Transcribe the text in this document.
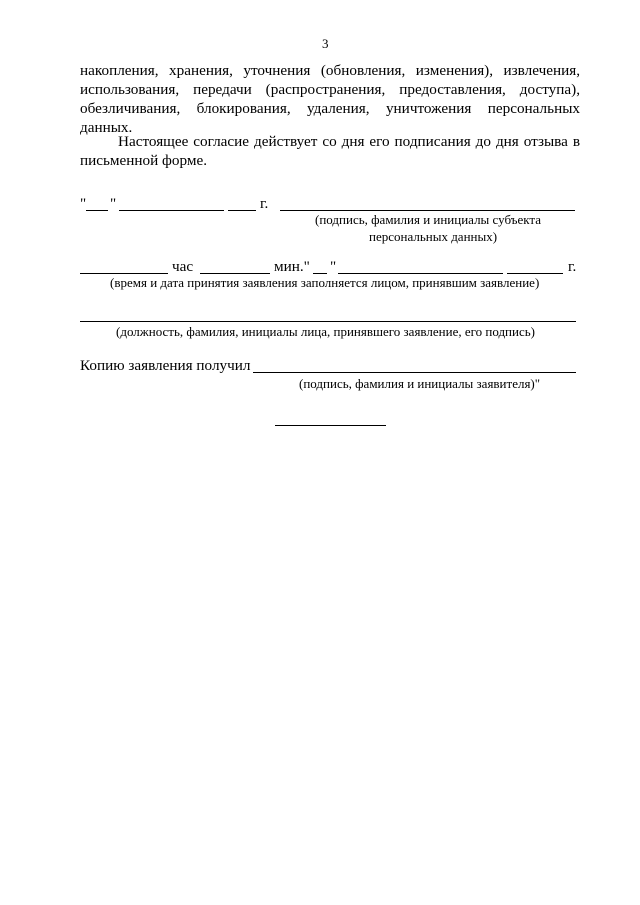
3
накопления, хранения, уточнения (обновления, изменения), извлечения,
использования, передачи (распространения, предоставления, доступа),
обезличивания, блокирования, удаления, уничтожения персональных
данных.
Настоящее согласие действует со дня его подписания до дня отзыва в
письменной форме.
" "	г.
(подпись, фамилия и инициалы субъекта
персональных данных)
час	мин." "	г.
(время и дата принятия заявления заполняется лицом, принявшим заявление)
(должность, фамилия, инициалы лица, принявшего заявление, его подпись)
Копию заявления получил
(подпись, фамилия и инициалы заявителя)"
